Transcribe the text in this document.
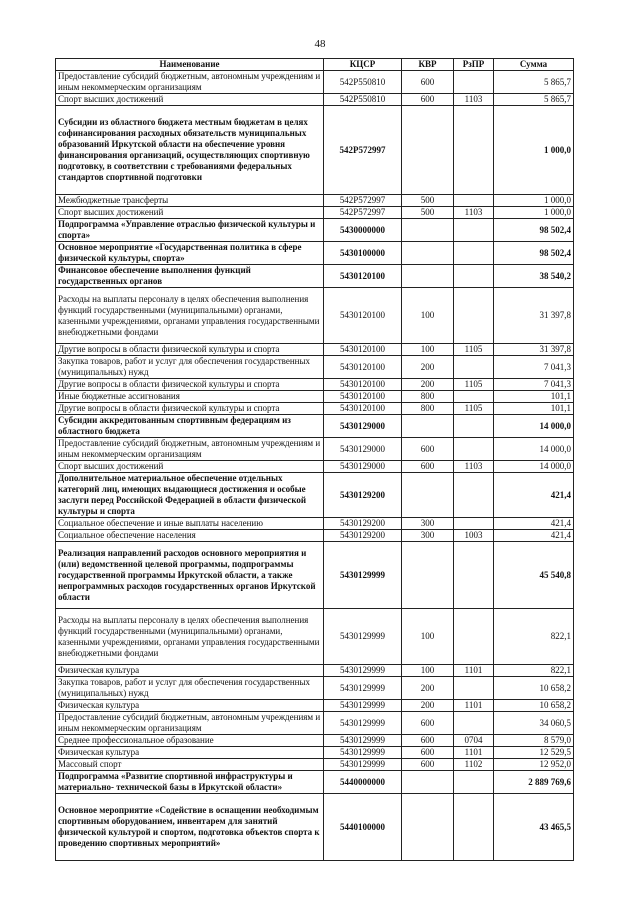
48
Наименование	КЦСР	КВР	РзПР	Сумма
Предоставление субсидий бюджетным, автономным учреждениям и иным некоммерческим организациям	542P550810	600		5 865,7
Спорт высших достижений	542P550810	600	1103	5 865,7
Субсидии из областного бюджета местным бюджетам в целях софинансирования расходных обязательств муниципальных образований Иркутской области на обеспечение уровня финансирования организаций, осуществляющих спортивную подготовку, в соответствии с требованиями федеральных стандартов спортивной подготовки	542P572997			1 000,0
Межбюджетные трансферты	542P572997	500		1 000,0
Спорт высших достижений	542P572997	500	1103	1 000,0
Подпрограмма «Управление отраслью физической культуры и спорта»	5430000000			98 502,4
Основное мероприятие «Государственная политика в сфере физической культуры, спорта»	5430100000			98 502,4
Финансовое обеспечение выполнения функций государственных органов	5430120100			38 540,2
Расходы на выплаты персоналу в целях обеспечения выполнения функций государственными (муниципальными) органами, казенными учреждениями, органами управления государственными внебюджетными фондами	5430120100	100		31 397,8
Другие вопросы в области физической культуры и спорта	5430120100	100	1105	31 397,8
Закупка товаров, работ и услуг для обеспечения государственных (муниципальных) нужд	5430120100	200		7 041,3
Другие вопросы в области физической культуры и спорта	5430120100	200	1105	7 041,3
Иные бюджетные ассигнования	5430120100	800		101,1
Другие вопросы в области физической культуры и спорта	5430120100	800	1105	101,1
Субсидии аккредитованным спортивным федерациям из областного бюджета	5430129000			14 000,0
Предоставление субсидий бюджетным, автономным учреждениям и иным некоммерческим организациям	5430129000	600		14 000,0
Спорт высших достижений	5430129000	600	1103	14 000,0
Дополнительное материальное обеспечение отдельных категорий лиц, имеющих выдающиеся достижения и особые заслуги перед Российской Федерацией в области физической культуры и спорта	5430129200			421,4
Социальное обеспечение и иные выплаты населению	5430129200	300		421,4
Социальное обеспечение населения	5430129200	300	1003	421,4
Реализация направлений расходов основного мероприятия и (или) ведомственной целевой программы, подпрограммы государственной программы Иркутской области, а также непрограммных расходов государственных органов Иркутской области	5430129999			45 540,8
Расходы на выплаты персоналу в целях обеспечения выполнения функций государственными (муниципальными) органами, казенными учреждениями, органами управления государственными внебюджетными фондами	5430129999	100		822,1
Физическая культура	5430129999	100	1101	822,1
Закупка товаров, работ и услуг для обеспечения государственных (муниципальных) нужд	5430129999	200		10 658,2
Физическая культура	5430129999	200	1101	10 658,2
Предоставление субсидий бюджетным, автономным учреждениям и иным некоммерческим организациям	5430129999	600		34 060,5
Среднее профессиональное образование	5430129999	600	0704	8 579,0
Физическая культура	5430129999	600	1101	12 529,5
Массовый спорт	5430129999	600	1102	12 952,0
Подпрограмма «Развитие спортивной инфраструктуры и материально- технической базы в Иркутской области»	5440000000			2 889 769,6
Основное мероприятие «Содействие в оснащении необходимым спортивным оборудованием, инвентарем для занятий физической культурой и спортом, подготовка объектов спорта к проведению спортивных мероприятий»	5440100000			43 465,5
